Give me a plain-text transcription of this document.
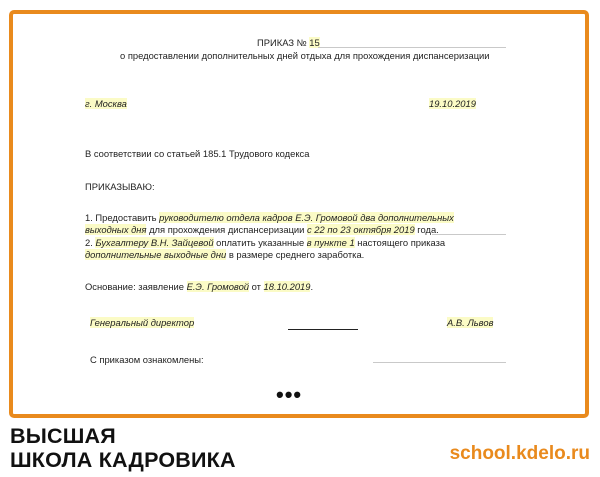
ПРИКАЗ № 15
о предоставлении дополнительных дней отдыха для прохождения диспансеризации
г. Москва	19.10.2019
В соответствии со статьей 185.1 Трудового кодекса
ПРИКАЗЫВАЮ:
1. Предоставить руководителю отдела кадров Е.Э. Громовой два дополнительных
выходных дня для прохождения диспансеризации с 22 по 23 октября 2019 года.
2. Бухгалтеру В.Н. Зайцевой оплатить указанные в пункте 1 настоящего приказа
дополнительные выходные дни в размере среднего заработка.
Основание: заявление Е.Э. Громовой от 18.10.2019.
Генеральный директор	А.В. Львов
С приказом ознакомлены:
•••
ВЫСШАЯ
ШКОЛА КАДРОВИКА	school.kdelo.ru
